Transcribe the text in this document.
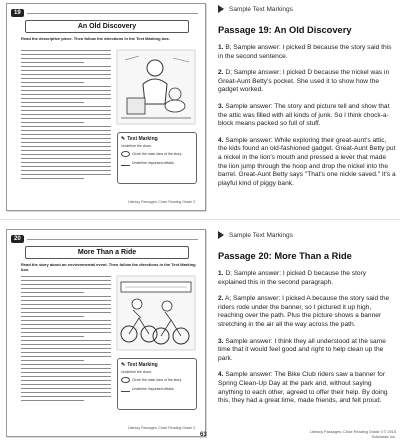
19
An Old Discovery
Read the descriptive piece. Then follow the directions in the Text Marking box.
✎ Text Marking
Underline the clues.
Circle the main idea of the story.
Underline important details.
Literacy Passages: Close Reading Grade 3
Sample Text Markings
Passage 19: An Old Discovery

1. B; Sample answer: I picked B because the story said this in the second sentence.

2. D; Sample answer: I picked D because the nickel was in Great-Aunt Betty's pocket. She used it to show how the gadget worked.

3. Sample answer: The story and picture tell and show that the attic was filled with all kinds of junk. So I think chock-a-block means packed so full of stuff.

4. Sample answer: While exploring their great-aunt's attic, the kids found an old-fashioned gadget. Great-Aunt Betty put a nickel in the lion's mouth and pressed a lever that made the lion jump through the hoop and drop the nickel into the barrel. Great-Aunt Betty says "That's one nickle saved." It's a playful kind of piggy bank.

20
More Than a Ride
Read the story about an environmental event. Then follow the directions in the Text Marking box.
✎ Text Marking
Underline the clues.
Circle the main idea of the story.
Underline important details.
Literacy Passages: Close Reading Grade 3
Sample Text Markings
Passage 20: More Than a Ride

1. D; Sample answer: I picked D because the story explained this in the second paragraph.

2. A; Sample answer: I picked A because the story said the riders rode under the banner, so I pictured it up high, reaching over the path. Plus the picture shows a banner stretching in the air all the way across the path.

3. Sample answer: I think they all understood at the same time that it would feel good and right to help clean up the park.

4. Sample answer: The Bike Club riders saw a banner for Spring Clean-Up Day at the park and, without saying anything to each other, agreed to offer their help. By doing this, they had a great time, made friends, and felt proud.

63	Literacy Passages: Close Reading Grade 3 © 2015 Scholastic Inc.
